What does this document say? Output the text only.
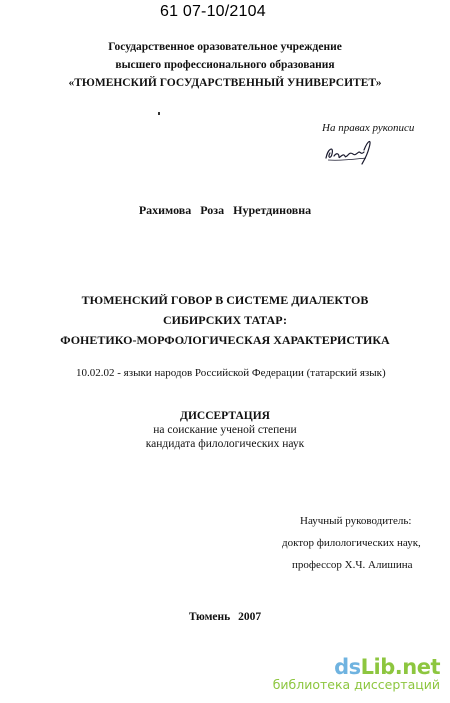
61 07-10/2104
Государственное оразовательное учреждение
высшего профессионального образования
«ТЮМЕНСКИЙ ГОСУДАРСТВЕННЫЙ УНИВЕРСИТЕТ»
На правах рукописи
Рахимова Роза Нуретдиновна
ТЮМЕНСКИЙ ГОВОР В СИСТЕМЕ ДИАЛЕКТОВ
СИБИРСКИХ ТАТАР:
ФОНЕТИКО-МОРФОЛОГИЧЕСКАЯ ХАРАКТЕРИСТИКА
10.02.02 - языки народов Российской Федерации (татарский язык)
ДИССЕРТАЦИЯ
на соискание ученой степени
кандидата филологических наук
Научный руководитель:
доктор филологических наук,
профессор Х.Ч. Алишина
Тюмень 2007
dsLib.net
библиотека диссертаций
